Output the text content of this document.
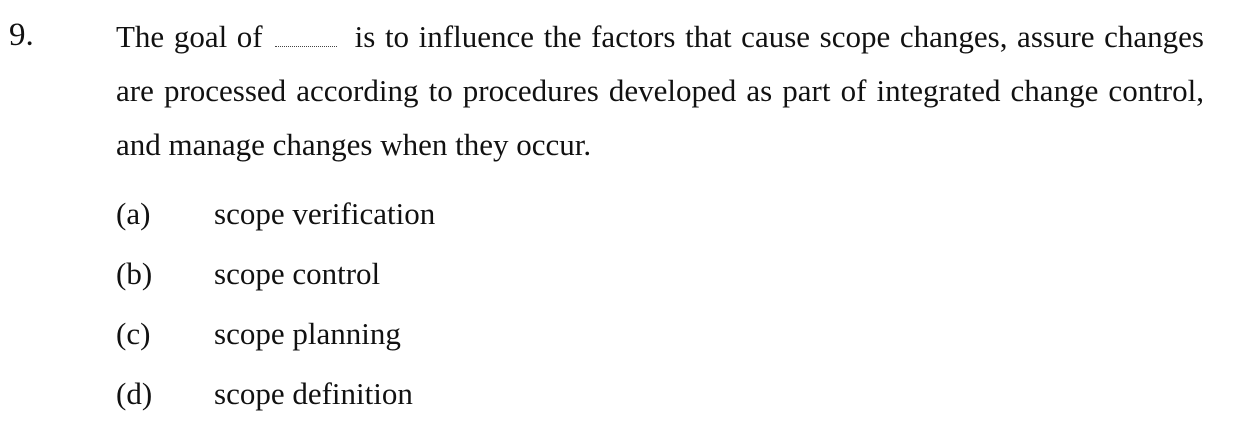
9.	The goal of	is to influence the factors that cause scope changes, assure changes are processed according to procedures developed as part of integrated change control, and manage changes when they occur.
(a)	scope verification
(b)	scope control
(c)	scope planning
(d)	scope definition
